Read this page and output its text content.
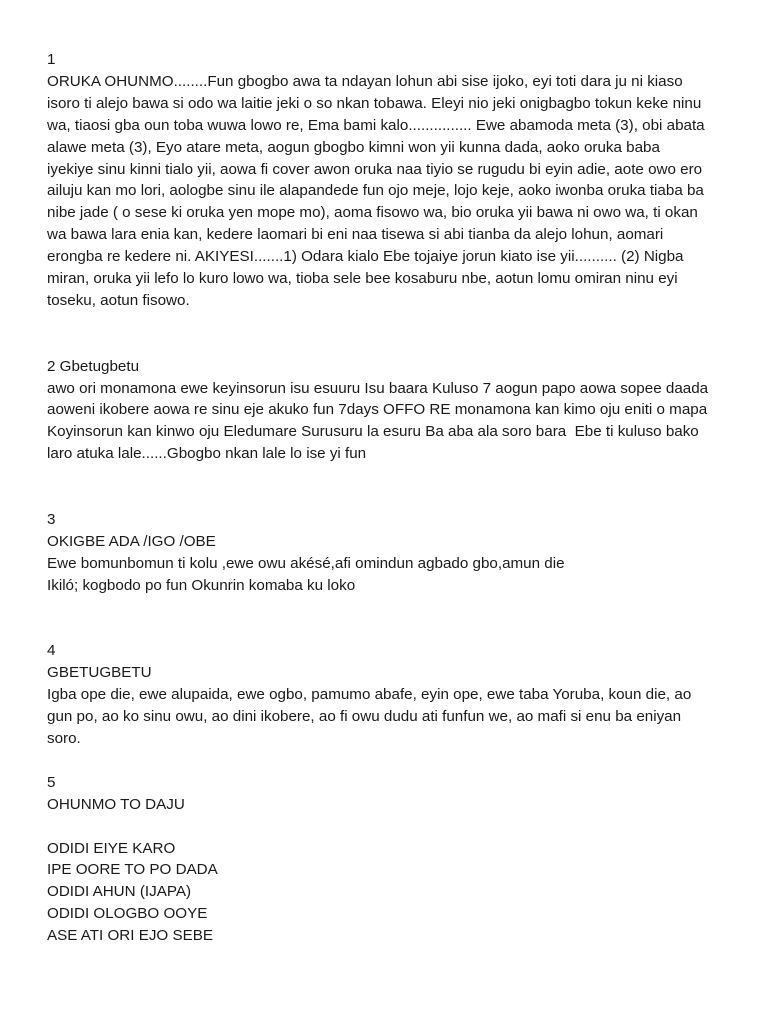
1
ORUKA OHUNMO........Fun gbogbo awa ta ndayan lohun abi sise ijoko, eyi toti dara ju ni kiaso
isoro ti alejo bawa si odo wa laitie jeki o so nkan tobawa. Eleyi nio jeki onigbagbo tokun keke ninu
wa, tiaosi gba oun toba wuwa lowo re, Ema bami kalo............... Ewe abamoda meta (3), obi abata
alawe meta (3), Eyo atare meta, aogun gbogbo kimni won yii kunna dada, aoko oruka baba
iyekiye sinu kinni tialo yii, aowa fi cover awon oruka naa tiyio se rugudu bi eyin adie, aote owo ero
ailuju kan mo lori, aologbe sinu ile alapandede fun ojo meje, lojo keje, aoko iwonba oruka tiaba ba
nibe jade ( o sese ki oruka yen mope mo), aoma fisowo wa, bio oruka yii bawa ni owo wa, ti okan
wa bawa lara enia kan, kedere laomari bi eni naa tisewa si abi tianba da alejo lohun, aomari
erongba re kedere ni. AKIYESI.......1) Odara kialo Ebe tojaiye jorun kiato ise yii.......... (2) Nigba
miran, oruka yii lefo lo kuro lowo wa, tioba sele bee kosaburu nbe, aotun lomu omiran ninu eyi
toseku, aotun fisowo.
2 Gbetugbetu
awo ori monamona ewe keyinsorun isu esuuru Isu baara Kuluso 7 aogun papo aowa sopee daada
aoweni ikobere aowa re sinu eje akuko fun 7days OFFO RE monamona kan kimo oju eniti o mapa
Koyinsorun kan kinwo oju Eledumare Surusuru la esuru Ba aba ala soro bara  Ebe ti kuluso bako
laro atuka lale......Gbogbo nkan lale lo ise yi fun
3
OKIGBE ADA /IGO /OBE
Ewe bomunbomun ti kolu ,ewe owu akésé,afi omindun agbado gbo,amun die
Ikiló; kogbodo po fun Okunrin komaba ku loko
4
GBETUGBETU
Igba ope die, ewe alupaida, ewe ogbo, pamumo abafe, eyin ope, ewe taba Yoruba, koun die, ao
gun po, ao ko sinu owu, ao dini ikobere, ao fi owu dudu ati funfun we, ao mafi si enu ba eniyan
soro.
5
OHUNMO TO DAJU
ODIDI EIYE KARO
IPE OORE TO PO DADA
ODIDI AHUN (IJAPA)
ODIDI OLOGBO OOYE
ASE ATI ORI EJO SEBE
